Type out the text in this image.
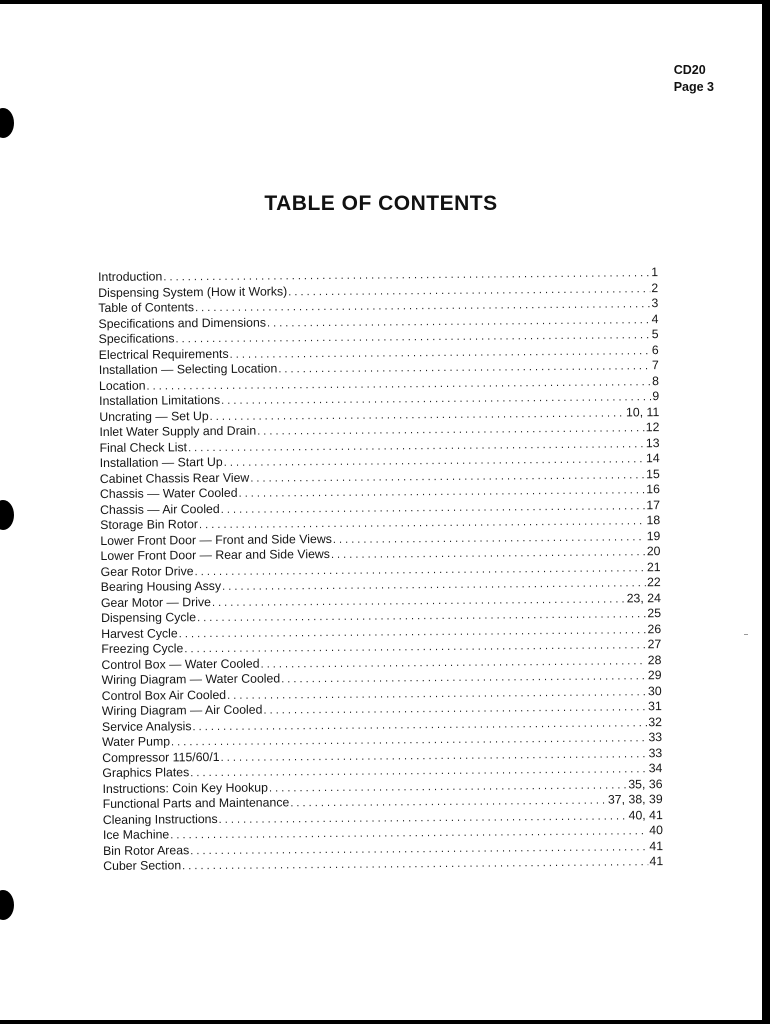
CD20
Page 3
TABLE OF CONTENTS
Introduction . . .	1
Dispensing System (How it Works) . . .	2
Table of Contents . . .	3
Specifications and Dimensions . . .	4
Specifications . . .	5
Electrical Requirements . . .	6
Installation — Selecting Location . . .	7
Location . . .	8
Installation Limitations . . .	9
Uncrating — Set Up . . .	10, 11
Inlet Water Supply and Drain . . .	12
Final Check List . . .	13
Installation — Start Up . . .	14
Cabinet Chassis Rear View . . .	15
Chassis — Water Cooled . . .	16
Chassis — Air Cooled . . .	17
Storage Bin Rotor . . .	18
Lower Front Door — Front and Side Views . . .	19
Lower Front Door — Rear and Side Views . . .	20
Gear Rotor Drive . . .	21
Bearing Housing Assy . . .	22
Gear Motor — Drive . . .	23, 24
Dispensing Cycle . . .	25
Harvest Cycle . . .	26
Freezing Cycle . . .	27
Control Box — Water Cooled . . .	28
Wiring Diagram — Water Cooled . . .	29
Control Box Air Cooled . . .	30
Wiring Diagram — Air Cooled . . .	31
Service Analysis . . .	32
Water Pump . . .	33
Compressor 115/60/1 . . .	33
Graphics Plates . . .	34
Instructions: Coin Key Hookup . . .	35, 36
Functional Parts and Maintenance . . .	37, 38, 39
Cleaning Instructions . . .	40, 41
Ice Machine . . .	40
Bin Rotor Areas . . .	41
Cuber Section . . .	41
